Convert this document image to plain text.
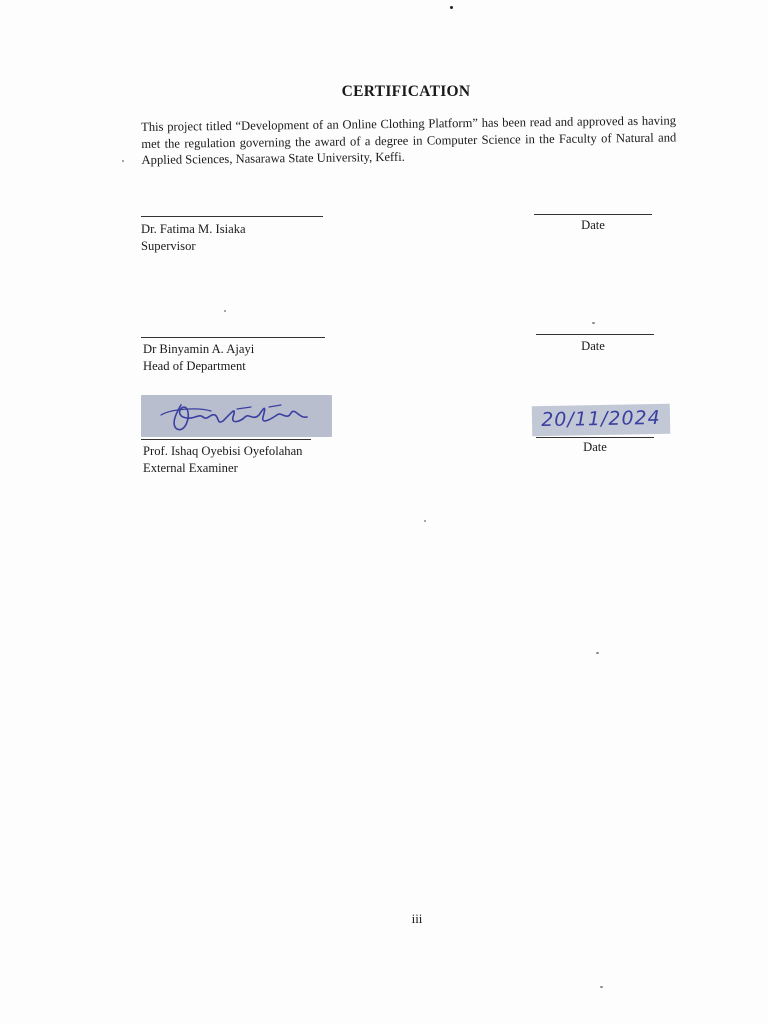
CERTIFICATION
This project titled “Development of an Online Clothing Platform” has been read and approved as having met the regulation governing the award of a degree in Computer Science in the Faculty of Natural and Applied Sciences, Nasarawa State University, Keffi.
Dr. Fatima M. Isiaka
Supervisor
Date
Dr Binyamin A. Ajayi
Head of Department
Date
20/11/2024
Prof. Ishaq Oyebisi Oyefolahan
External Examiner
Date
iii
